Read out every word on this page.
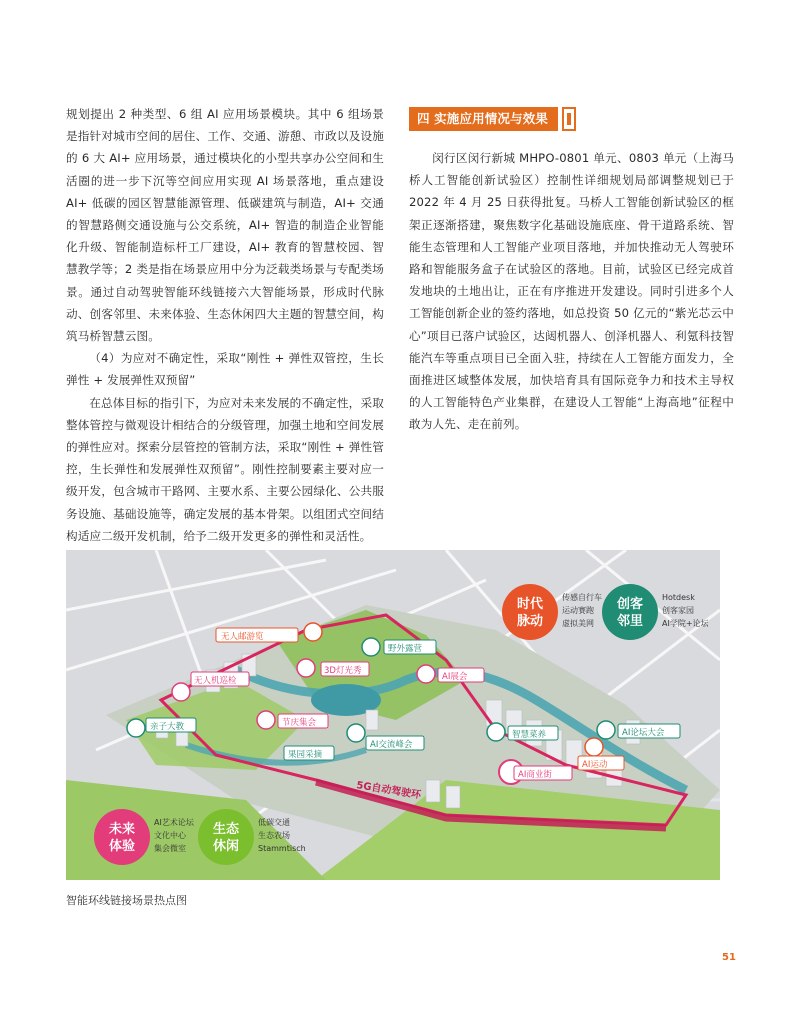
规划提出 2 种类型、6 组 AI 应用场景模块。其中 6 组场景是指针对城市空间的居住、工作、交通、游憩、市政以及设施的 6 大 AI+ 应用场景，通过模块化的小型共享办公空间和生活圈的进一步下沉等空间应用实现 AI 场景落地，重点建设 AI+ 低碳的园区智慧能源管理、低碳建筑与制造，AI+ 交通的智慧路侧交通设施与公交系统，AI+ 智造的制造企业智能化升级、智能制造标杆工厂建设，AI+ 教育的智慧校园、智慧教学等；2 类是指在场景应用中分为泛载类场景与专配类场景。通过自动驾驶智能环线链接六大智能场景，形成时代脉动、创客邻里、未来体验、生态休闲四大主题的智慧空间，构筑马桥智慧云图。

（4）为应对不确定性，采取“刚性 + 弹性双管控，生长弹性 + 发展弹性双预留”

在总体目标的指引下，为应对未来发展的不确定性，采取整体管控与微观设计相结合的分级管理，加强土地和空间发展的弹性应对。探索分层管控的管制方法，采取“刚性 + 弹性管控，生长弹性和发展弹性双预留”。刚性控制要素主要对应一级开发，包含城市干路网、主要水系、主要公园绿化、公共服务设施、基础设施等，确定发展的基本骨架。以组团式空间结构适应二级开发机制，给予二级开发更多的弹性和灵活性。

四 实施应用情况与效果

闵行区闵行新城 MHPO-0801 单元、0803 单元（上海马桥人工智能创新试验区）控制性详细规划局部调整规划已于 2022 年 4 月 25 日获得批复。马桥人工智能创新试验区的框架正逐渐搭建，聚焦数字化基础设施底座、骨干道路系统、智能生态管理和人工智能产业项目落地，并加快推动无人驾驶环路和智能服务盒子在试验区的落地。目前，试验区已经完成首发地块的土地出让，正在有序推进开发建设。同时引进多个人工智能创新企业的签约落地，如总投资 50 亿元的“紫光芯云中心”项目已落户试验区，达闼机器人、创泽机器人、利氪科技智能汽车等重点项目已全面入驻，持续在人工智能方面发力，全面推进区域整体发展，加快培育具有国际竞争力和技术主导权的人工智能特色产业集群，在建设人工智能“上海高地”征程中敢为人先、走在前列。

5G自动驾驶环
无人邮游览
无人机巡检
3D灯光秀
野外露营
AI展会
智慧菜养	AI论坛大会
亲子大教	节庆集会
AI交流峰会
果园采摘
AI商业街
AI运动
时代
脉动
传感自行车
运动赛跑
虚拟美网
创客
邻里
Hotdesk
创客家园
AI学院+论坛
未来
体验
AI艺术论坛
文化中心
集会微室
生态
休闲
低碳交通
生态农场
Stammtisch
智能环线链接场景热点图
51
